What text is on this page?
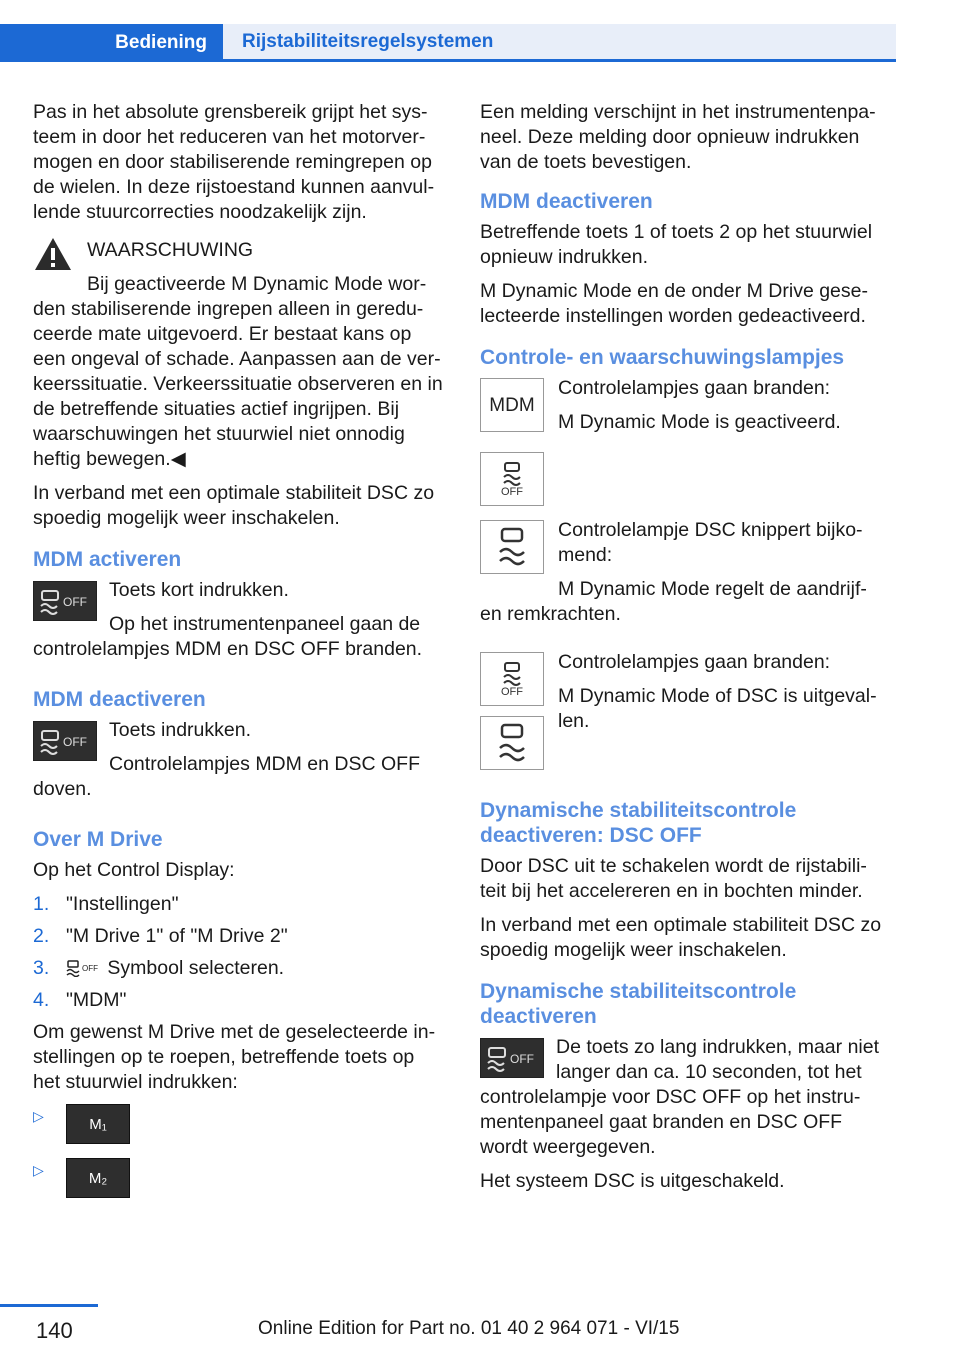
Bediening	Rijstabiliteitsregelsystemen

Pas in het absolute grensbereik grijpt het sys-teem in door het reduceren van het motorver-mogen en door stabiliserende remingrepen op de wielen. In deze rijstoestand kunnen aanvul-lende stuurcorrecties noodzakelijk zijn.

WAARSCHUWING

Bij geactiveerde M Dynamic Mode wor-den stabiliserende ingrepen alleen in geredu-ceerde mate uitgevoerd. Er bestaat kans op een ongeval of schade. Aanpassen aan de ver-keerssituatie. Verkeerssituatie observeren en in de betreffende situaties actief ingrijpen. Bij waarschuwingen het stuurwiel niet onnodig heftig bewegen.◀

In verband met een optimale stabiliteit DSC zo spoedig mogelijk weer inschakelen.

MDM activeren
OFF

Toets kort indrukken.

Op het instrumentenpaneel gaan de controlelampjes MDM en DSC OFF branden.

MDM deactiveren
OFF

Toets indrukken.

Controlelampjes MDM en DSC OFF doven.

Over M Drive

Op het Control Display:

1. "Instellingen"
2. "M Drive 1" of "M Drive 2"
3.	OFF Symbool selecteren.
4. "MDM"

Om gewenst M Drive met de geselecteerde in-stellingen op te roepen, betreffende toets op het stuurwiel indrukken:

▷	M₁
▷	M₂

Een melding verschijnt in het instrumentenpa-neel. Deze melding door opnieuw indrukken van de toets bevestigen.

MDM deactiveren

Betreffende toets 1 of toets 2 op het stuurwiel opnieuw indrukken.

M Dynamic Mode en de onder M Drive gese-lecteerde instellingen worden gedeactiveerd.

Controle- en waarschuwingslampjes
MDM

Controlelampjes gaan branden:

M Dynamic Mode is geactiveerd.

OFF

Controlelampje DSC knippert bijko-mend:

M Dynamic Mode regelt de aandrijf- en remkrachten.

OFF

Controlelampjes gaan branden:

M Dynamic Mode of DSC is uitgeval-len.

Dynamische stabiliteitscontrole deactiveren: DSC OFF

Door DSC uit te schakelen wordt de rijstabili-teit bij het accelereren en in bochten minder.

In verband met een optimale stabiliteit DSC zo spoedig mogelijk weer inschakelen.

Dynamische stabiliteitscontrole deactiveren
OFF

De toets zo lang indrukken, maar niet langer dan ca. 10 seconden, tot het controlelampje voor DSC OFF op het instru-mentenpaneel gaat branden en DSC OFF wordt weergegeven.

Het systeem DSC is uitgeschakeld.

140	Online Edition for Part no. 01 40 2 964 071 - VI/15
